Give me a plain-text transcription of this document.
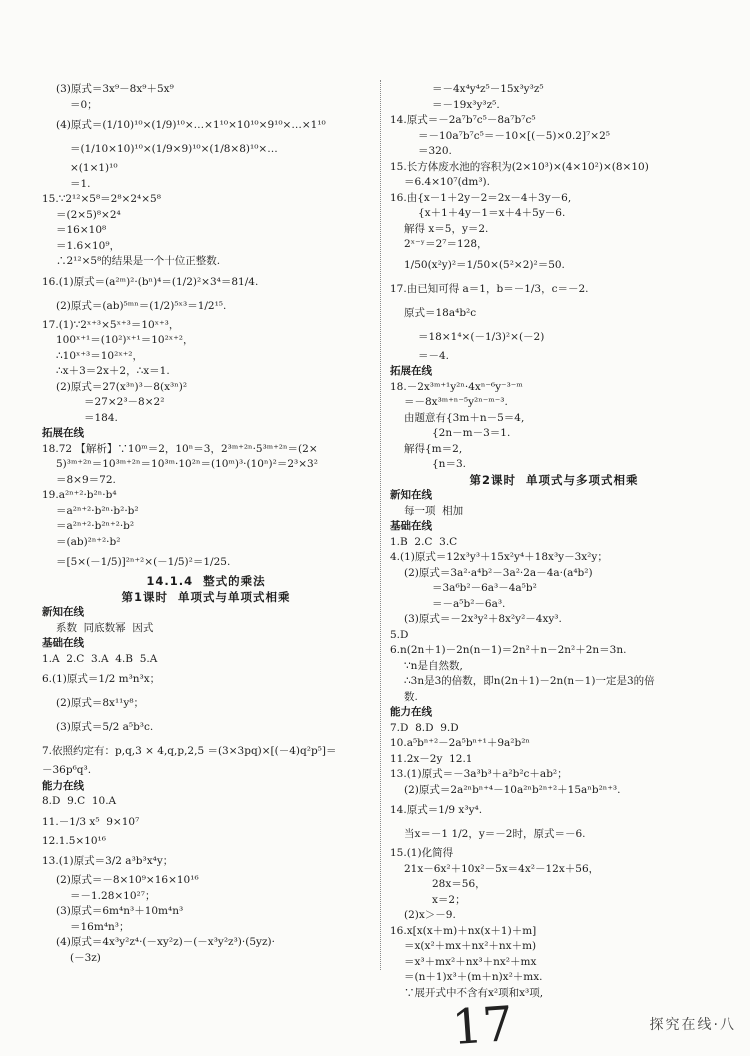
(3)原式＝3x⁹－8x⁹＋5x⁹
＝0；
(4)原式＝(1/10)¹⁰×(1/9)¹⁰×…×1¹⁰×10¹⁰×9¹⁰×…×1¹⁰
＝(1/10×10)¹⁰×(1/9×9)¹⁰×(1/8×8)¹⁰×…
×(1×1)¹⁰
＝1.
15.∵2¹²×5⁸＝2⁸×2⁴×5⁸
＝(2×5)⁸×2⁴
＝16×10⁸
＝1.6×10⁹，
∴2¹²×5⁸的结果是一个十位正整数.
16.(1)原式＝(a²ᵐ)²·(bⁿ)⁴＝(1/2)²×3⁴＝81/4.
(2)原式＝(ab)⁵ᵐⁿ＝(1/2)⁵ˣ³＝1/2¹⁵.
17.(1)∵2ˣ⁺³×5ˣ⁺³＝10ˣ⁺³，
100ˣ⁺¹＝(10²)ˣ⁺¹＝10²ˣ⁺²，
∴10ˣ⁺³＝10²ˣ⁺²，
∴x＋3＝2x＋2，∴x＝1.
(2)原式＝27(x³ⁿ)³－8(x³ⁿ)²
＝27×2³－8×2²
＝184.
拓展在线
18.72 【解析】∵10ᵐ＝2，10ⁿ＝3，2³ᵐ⁺²ⁿ·5³ᵐ⁺²ⁿ＝(2×
5)³ᵐ⁺²ⁿ＝10³ᵐ⁺²ⁿ＝10³ᵐ·10²ⁿ＝(10ᵐ)³·(10ⁿ)²＝2³×3²
＝8×9＝72.
19.a²ⁿ⁺²·b²ⁿ·b⁴
＝a²ⁿ⁺²·b²ⁿ·b²·b²
＝a²ⁿ⁺²·b²ⁿ⁺²·b²
＝(ab)²ⁿ⁺²·b²
＝[5×(－1/5)]²ⁿ⁺²×(－1/5)²＝1/25.
14.1.4  整式的乘法
第1课时  单项式与单项式相乘
新知在线
系数  同底数幂  因式
基础在线
1.A  2.C  3.A  4.B  5.A
6.(1)原式＝1/2 m³n³x；
(2)原式＝8x¹¹y⁸；
(3)原式＝5/2 a⁵b³c.
7.依照约定有：p,q,3 × 4,q,p,2,5 ＝(3×3pq)×[(－4)q²p⁵]＝
－36p⁶q³.
能力在线
8.D  9.C  10.A
11.－1/3 x⁵  9×10⁷
12.1.5×10¹⁶
13.(1)原式＝3/2 a³b³x⁴y；
(2)原式＝－8×10⁹×16×10¹⁶
＝－1.28×10²⁷；
(3)原式＝6m⁴n³＋10m⁴n³
＝16m⁴n³；
(4)原式＝4x³y²z⁴·(－xy²z)－(－x³y²z³)·(5yz)·
(－3z)
＝－4x⁴y⁴z⁵－15x³y³z⁵
＝－19x³y³z⁵.
14.原式＝－2a⁷b⁷c⁵－8a⁷b⁷c⁵
＝－10a⁷b⁷c⁵＝－10×[(－5)×0.2]⁷×2⁵
＝320.
15.长方体废水池的容积为(2×10³)×(4×10²)×(8×10)
＝6.4×10⁷(dm³).
16.由{x－1＋2y－2＝2x－4＋3y－6,
{x＋1＋4y－1＝x＋4＋5y－6.
解得 x＝5，y＝2.
2ˣ⁻ʸ＝2⁷＝128，
1/50(x²y)²＝1/50×(5²×2)²＝50.
17.由已知可得 a＝1，b＝－1/3，c＝－2.
原式＝18a⁴b²c
＝18×1⁴×(－1/3)²×(－2)
＝－4.
拓展在线
18.－2x³ᵐ⁺¹y²ⁿ·4xⁿ⁻⁶y⁻³⁻ᵐ
＝－8x³ᵐ⁺ⁿ⁻⁵y²ⁿ⁻ᵐ⁻³.
由题意有{3m＋n－5＝4,
{2n－m－3＝1.
解得{m＝2,
{n＝3.
第2课时  单项式与多项式相乘
新知在线
每一项  相加
基础在线
1.B  2.C  3.C
4.(1)原式＝12x³y³＋15x²y⁴＋18x³y－3x²y；
(2)原式＝3a²·a⁴b²－3a²·2a－4a·(a⁴b²)
＝3a⁶b²－6a³－4a⁵b²
＝－a⁵b²－6a³.
(3)原式＝－2x³y²＋8x²y²－4xy³.
5.D
6.n(2n＋1)－2n(n－1)＝2n²＋n－2n²＋2n＝3n.
∵n是自然数,
∴3n是3的倍数，即n(2n＋1)－2n(n－1)一定是3的倍
数.
能力在线
7.D  8.D  9.D
10.a⁵bⁿ⁺²－2a⁵bⁿ⁺¹＋9a²b²ⁿ
11.2x－2y  12.1
13.(1)原式＝－3a³b³＋a²b²c＋ab²；
(2)原式＝2a²ⁿbⁿ⁺⁴－10a²ⁿb²ⁿ⁺²＋15aⁿb²ⁿ⁺³.
14.原式＝1/9 x³y⁴.
当x＝－1 1/2，y＝－2时，原式＝－6.
15.(1)化简得
21x－6x²＋10x²－5x＝4x²－12x＋56，
28x＝56，
x＝2；
(2)x＞－9.
16.x[x(x＋m)＋nx(x＋1)＋m]
＝x(x²＋mx＋nx²＋nx＋m)
＝x³＋mx²＋nx³＋nx²＋mx
＝(n＋1)x³＋(m＋n)x²＋mx.
∵展开式中不含有x²项和x³项,
17	探究在线·八
